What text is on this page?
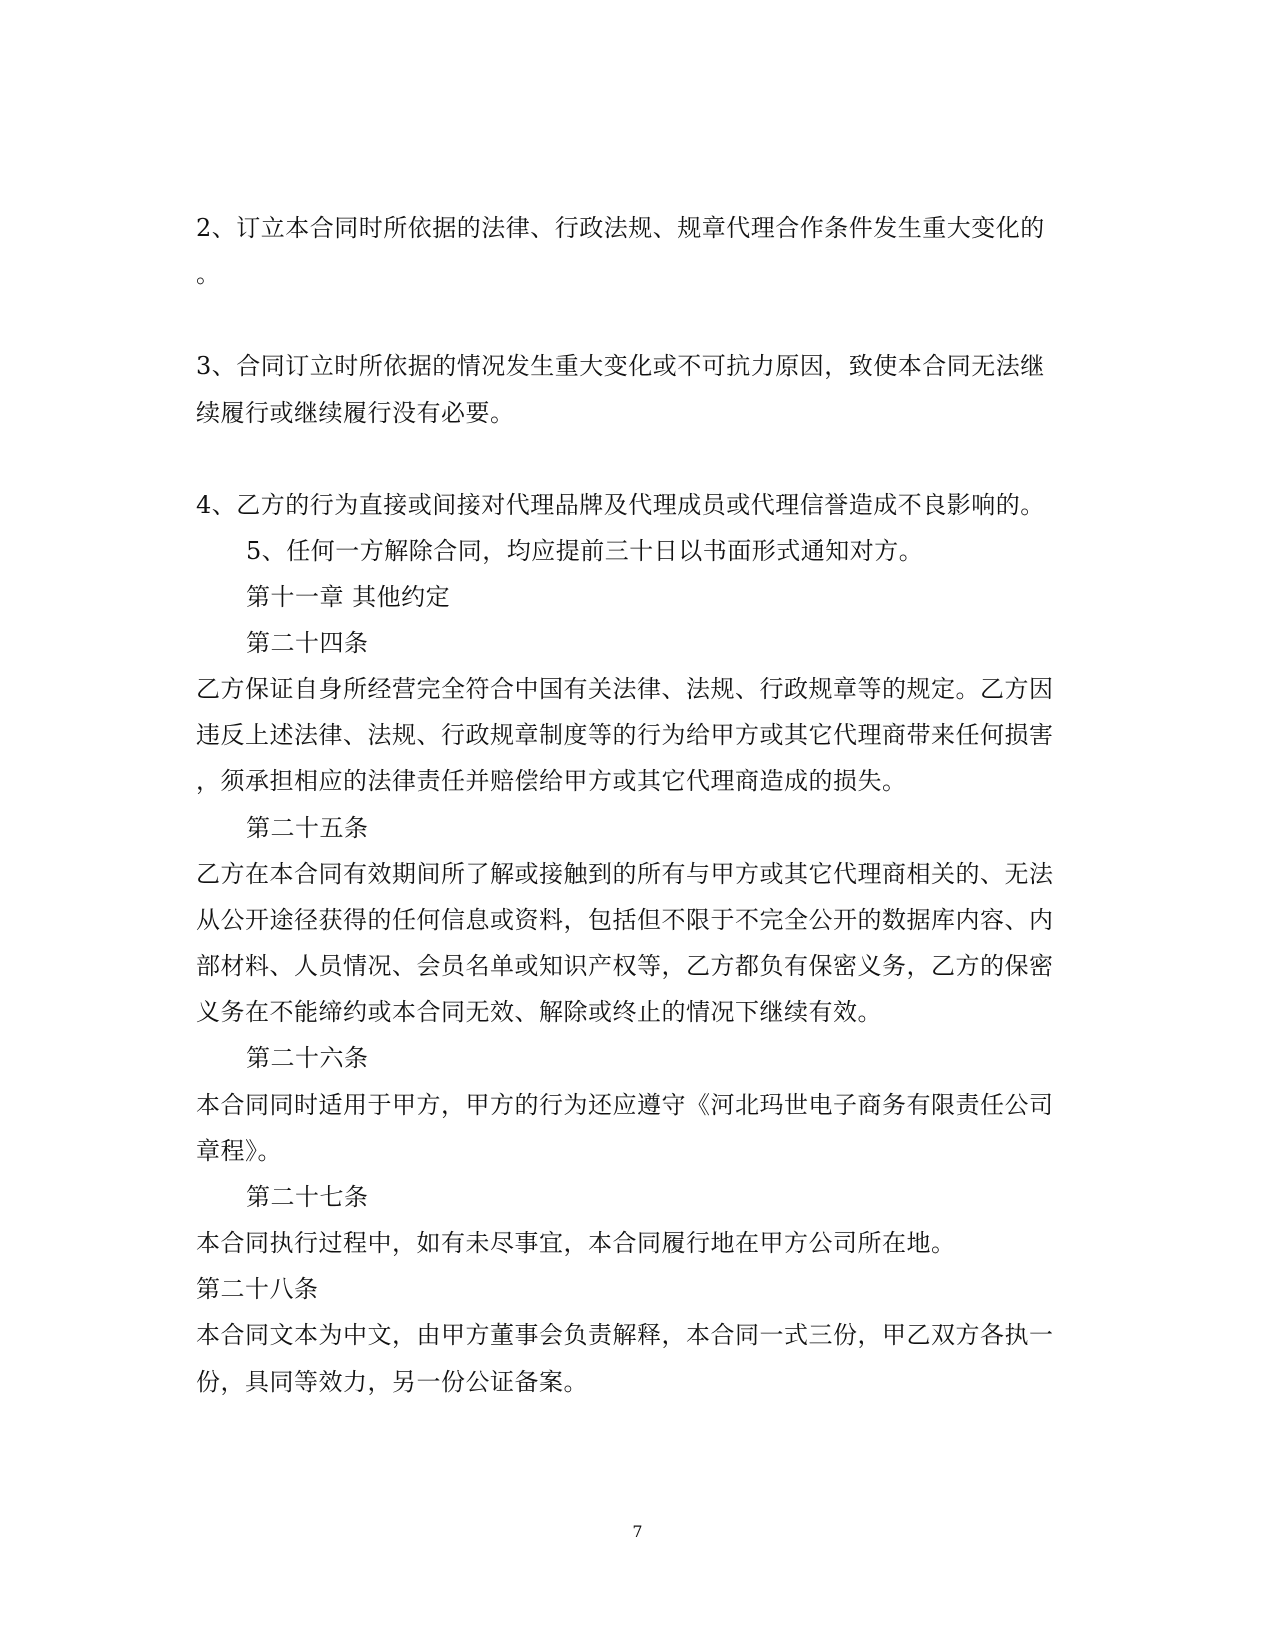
2、订立本合同时所依据的法律、行政法规、规章代理合作条件发生重大变化的
。
3、合同订立时所依据的情况发生重大变化或不可抗力原因，致使本合同无法继
续履行或继续履行没有必要。
4、乙方的行为直接或间接对代理品牌及代理成员或代理信誉造成不良影响的。
5、任何一方解除合同，均应提前三十日以书面形式通知对方。
第十一章 其他约定
第二十四条
乙方保证自身所经营完全符合中国有关法律、法规、行政规章等的规定。乙方因
违反上述法律、法规、行政规章制度等的行为给甲方或其它代理商带来任何损害
，须承担相应的法律责任并赔偿给甲方或其它代理商造成的损失。
第二十五条
乙方在本合同有效期间所了解或接触到的所有与甲方或其它代理商相关的、无法
从公开途径获得的任何信息或资料，包括但不限于不完全公开的数据库内容、内
部材料、人员情况、会员名单或知识产权等，乙方都负有保密义务，乙方的保密
义务在不能缔约或本合同无效、解除或终止的情况下继续有效。
第二十六条
本合同同时适用于甲方，甲方的行为还应遵守《河北玛世电子商务有限责任公司
章程》。
第二十七条
本合同执行过程中，如有未尽事宜，本合同履行地在甲方公司所在地。
第二十八条
本合同文本为中文，由甲方董事会负责解释，本合同一式三份，甲乙双方各执一
份，具同等效力，另一份公证备案。
7
